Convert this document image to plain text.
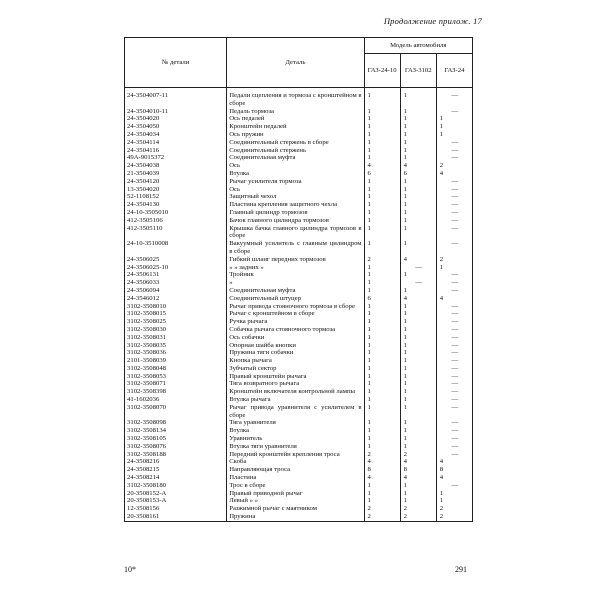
Продолжение прилож. 17
№ детали	Деталь	Модель автомобиля		
		ГАЗ-24-10	ГАЗ-3102	ГАЗ-24

24-3504007-11	Педали сцепления и тормоза с кронштейном в сборе	1	1	—
24-3504010-11	Педаль тормоза	1	1	—
24-3504020	Ось педалей	1	1	1
24-3504050	Кронштейн педалей	1	1	1
24-3504034	Ось пружин	1	1	1
24-3504114	Соединительный стержень в сборе	1	1	—
24-3504116	Соединительный стержень	1	1	—
49А-9015372	Соединительная муфта	1	1	—
24-3504038	Ось	4	4	2
21-3504039	Втулка	6	6	4
24-3504120	Рычаг усилителя тормоза	1	1	—
13-3504020	Ось	1	1	—
52-1108152	Защитный чехол	1	1	—
24-3504130	Пластина крепления защитного чехла	1	1	—
24-10-3505010	Главный цилиндр тормозов	1	1	—
412-3505106	Бачок главного цилиндра тормозов	1	1	—
412-3505110	Крышка бачка главного цилиндра тормозов в сборе	1	1	—
24-10-3510008	Вакуумный усилитель с главным цилиндром в сборе	1	1	—
24-3506025	Гибкий шланг передних тормозов	2	4	2
24-3506025-10	» » задних »	1	—	1
24-3506131	Тройник	1	1	—
24-3506033	»	1	—	—
24-3506094	Соединительная муфта	1	1	—
24-3546012	Соединительный штуцер	6	4	4
3102-3508010	Рычаг привода стояночного тормоза в сборе	1	1	—
3102-3508015	Рычаг с кронштейном в сборе	1	1	—
3102-3508025	Ручка рычага	1	1	—
3102-3508030	Собачка рычага стояночного тормоза	1	1	—
3102-3508031	Ось собачки	1	1	—
3102-3508035	Опорная шайба кнопки	1	1	—
3102-3508036	Пружина тяги собачки	1	1	—
2101-3508039	Кнопка рычага	1	1	—
3102-3508048	Зубчатый сектор	1	1	—
3102-3508053	Правый кронштейн рычага	1	1	—
3102-3508071	Тяга возвратного рычага	1	1	—
3102-3508398	Кронштейн включателя контрольной лампы	1	1	—
41-1602036	Втулка рычага	1	1	—
3102-3508070	Рычаг привода уравнителя с усилителем в сборе	1	1	—
3102-3508098	Тяга уравнителя	1	1	—
3102-3508134	Втулка	1	1	—
3102-3508105	Уравнитель	1	1	—
3102-3508076	Втулка тяги уравнителя	1	1	—
3102-3508188	Передний кронштейн крепления троса	2	2	—
24-3508216	Скоба	4	4	4
24-3508215	Направляющая троса	8	8	8
24-3508214	Пластина	4	4	4
3102-3508180	Трос в сборе	1	1	—
20-3508152-А	Правый приводной рычаг	1	1	1
20-3508153-А	Левый » »	1	1	1
12-3508156	Разжимной рычаг с маятником	2	2	2
20-3508161	Пружина	2	2	2
10*	291
